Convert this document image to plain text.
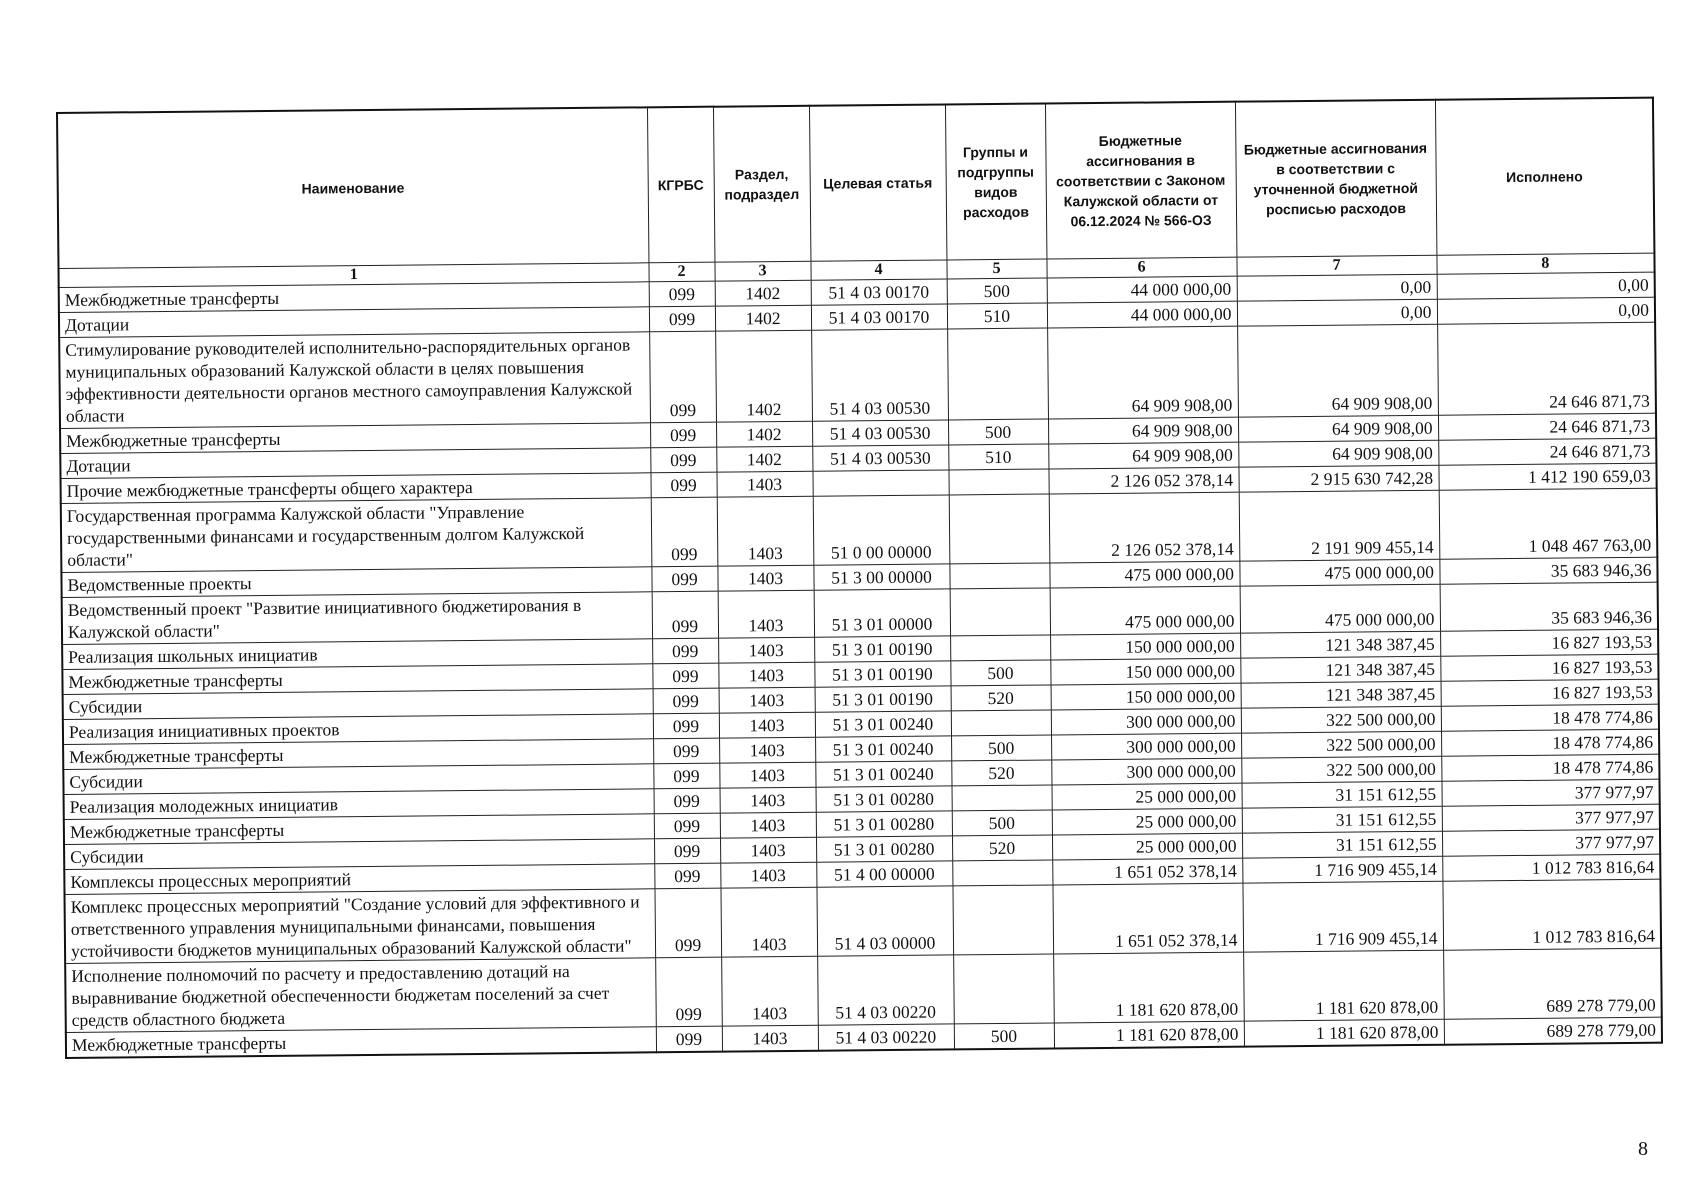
Наименование	КГРБС	Раздел, подраздел	Целевая статья	Группы и подгруппы видов расходов	Бюджетные ассигнования в соответствии с Законом Калужской области от 06.12.2024 № 566-ОЗ	Бюджетные ассигнования в соответствии с уточненной бюджетной росписью расходов	Исполнено
1	2	3	4	5	6	7	8
Межбюджетные трансферты	099	1402	51 4 03 00170	500	44 000 000,00	0,00	0,00
Дотации	099	1402	51 4 03 00170	510	44 000 000,00	0,00	0,00
Стимулирование руководителей исполнительно-распорядительных органов муниципальных образований Калужской области в целях повышения эффективности деятельности органов местного самоуправления Калужской области	099	1402	51 4 03 00530		64 909 908,00	64 909 908,00	24 646 871,73
Межбюджетные трансферты	099	1402	51 4 03 00530	500	64 909 908,00	64 909 908,00	24 646 871,73
Дотации	099	1402	51 4 03 00530	510	64 909 908,00	64 909 908,00	24 646 871,73
Прочие межбюджетные трансферты общего характера	099	1403			2 126 052 378,14	2 915 630 742,28	1 412 190 659,03
Государственная программа Калужской области "Управление государственными финансами и государственным долгом Калужской области"	099	1403	51 0 00 00000		2 126 052 378,14	2 191 909 455,14	1 048 467 763,00
Ведомственные проекты	099	1403	51 3 00 00000		475 000 000,00	475 000 000,00	35 683 946,36
Ведомственный проект "Развитие инициативного бюджетирования в Калужской области"	099	1403	51 3 01 00000		475 000 000,00	475 000 000,00	35 683 946,36
Реализация школьных инициатив	099	1403	51 3 01 00190		150 000 000,00	121 348 387,45	16 827 193,53
Межбюджетные трансферты	099	1403	51 3 01 00190	500	150 000 000,00	121 348 387,45	16 827 193,53
Субсидии	099	1403	51 3 01 00190	520	150 000 000,00	121 348 387,45	16 827 193,53
Реализация инициативных проектов	099	1403	51 3 01 00240		300 000 000,00	322 500 000,00	18 478 774,86
Межбюджетные трансферты	099	1403	51 3 01 00240	500	300 000 000,00	322 500 000,00	18 478 774,86
Субсидии	099	1403	51 3 01 00240	520	300 000 000,00	322 500 000,00	18 478 774,86
Реализация молодежных инициатив	099	1403	51 3 01 00280		25 000 000,00	31 151 612,55	377 977,97
Межбюджетные трансферты	099	1403	51 3 01 00280	500	25 000 000,00	31 151 612,55	377 977,97
Субсидии	099	1403	51 3 01 00280	520	25 000 000,00	31 151 612,55	377 977,97
Комплексы процессных мероприятий	099	1403	51 4 00 00000		1 651 052 378,14	1 716 909 455,14	1 012 783 816,64
Комплекс процессных мероприятий "Создание условий для эффективного и ответственного управления муниципальными финансами, повышения устойчивости бюджетов муниципальных образований Калужской области"	099	1403	51 4 03 00000		1 651 052 378,14	1 716 909 455,14	1 012 783 816,64
Исполнение полномочий по расчету и предоставлению дотаций на выравнивание бюджетной обеспеченности бюджетам поселений за счет средств областного бюджета	099	1403	51 4 03 00220		1 181 620 878,00	1 181 620 878,00	689 278 779,00
Межбюджетные трансферты	099	1403	51 4 03 00220	500	1 181 620 878,00	1 181 620 878,00	689 278 779,00
8
